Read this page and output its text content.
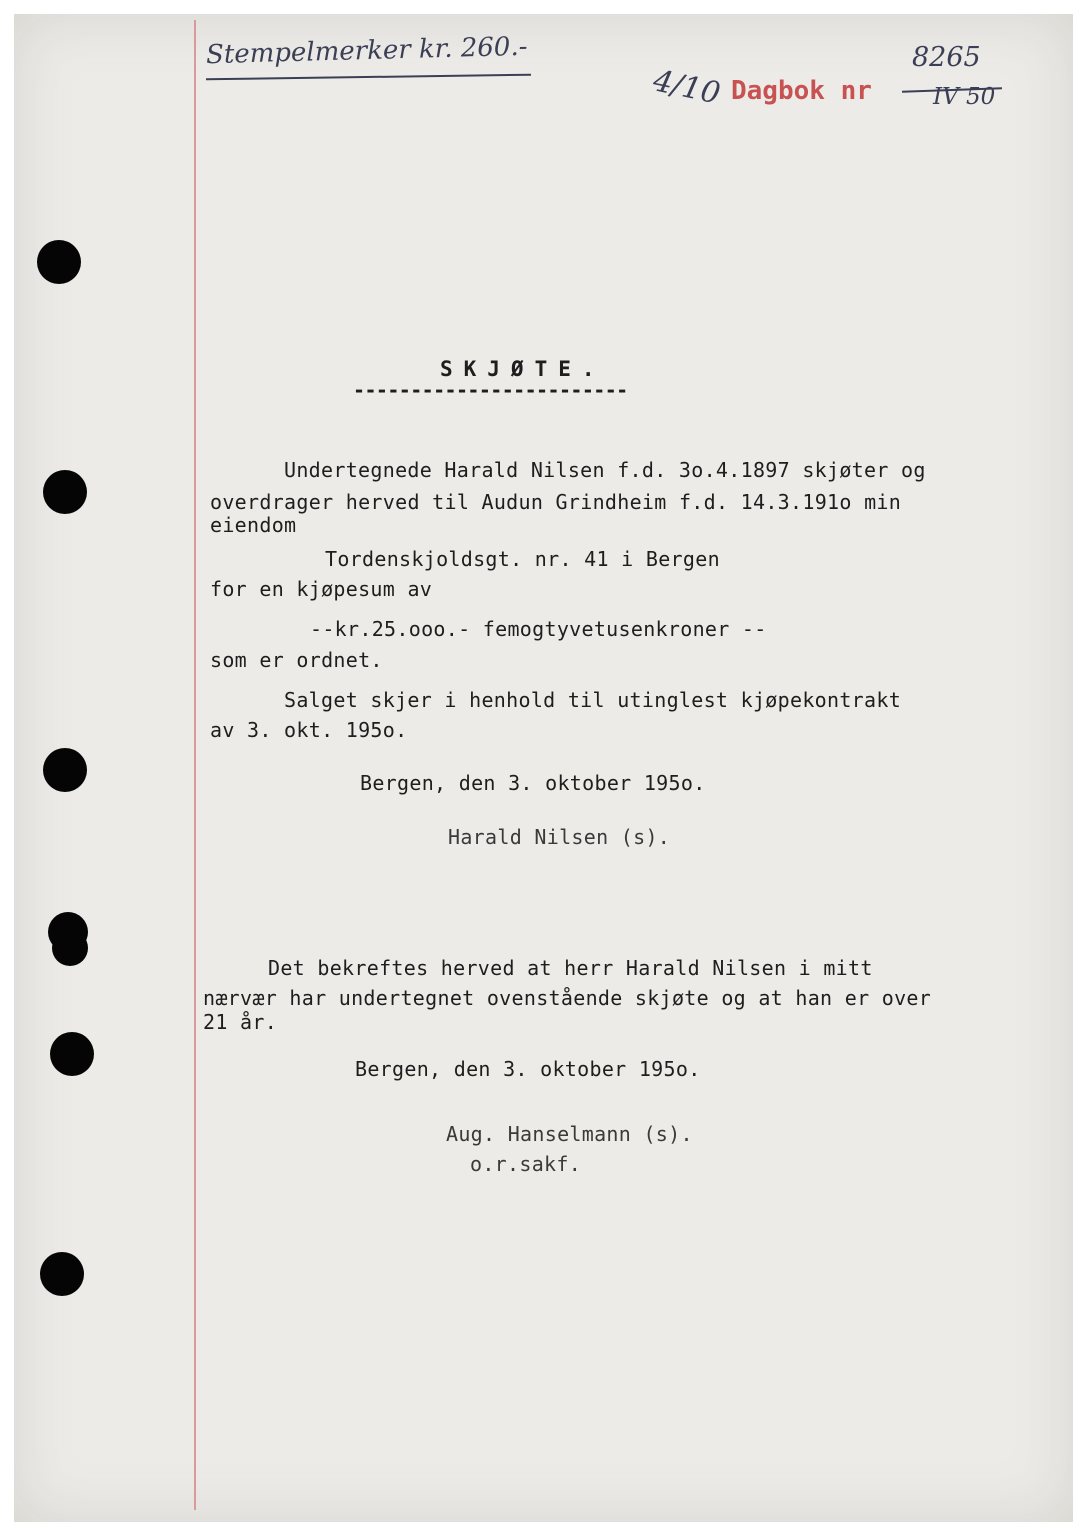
Stempelmerker kr. 260.-
4/10 Dagbok nr
8265
IV 50
SKJØTE.
------------------------
Undertegnede Harald Nilsen f.d. 3o.4.1897 skjøter og
overdrager herved til Audun Grindheim f.d. 14.3.191o min
eiendom
Tordenskjoldsgt. nr. 41 i Bergen
for en kjøpesum av
--kr.25.ooo.- femogtyvetusenkroner --
som er ordnet.
Salget skjer i henhold til utinglest kjøpekontrakt
av 3. okt. 195o.
Bergen, den 3. oktober 195o.
Harald Nilsen (s).
Det bekreftes herved at herr Harald Nilsen i mitt
nærvær har undertegnet ovenstående skjøte og at han er over
21 år.
Bergen, den 3. oktober 195o.
Aug. Hanselmann (s).
o.r.sakf.
